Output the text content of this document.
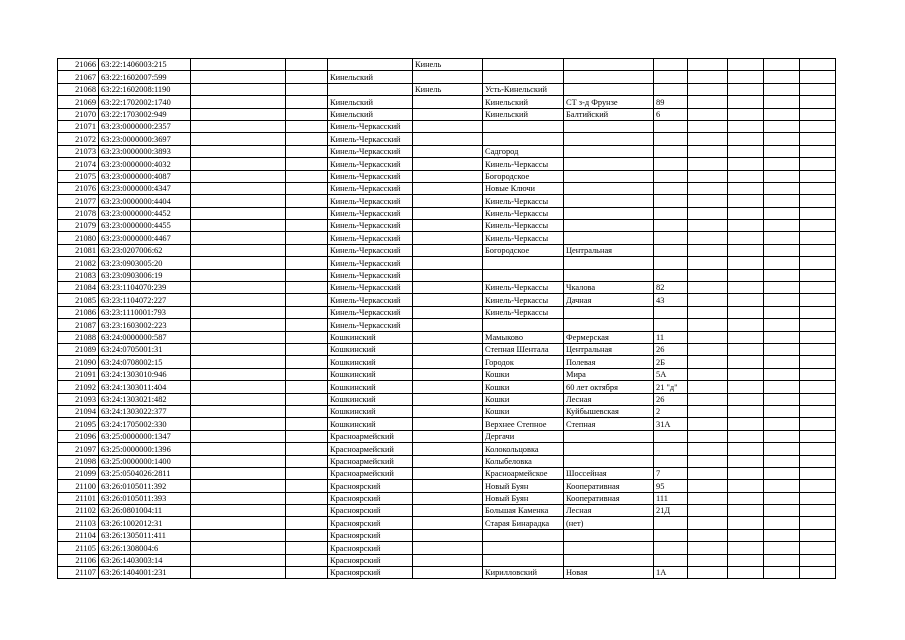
21066	63:22:1406003:215				Кинель							
21067	63:22:1602007:599			Кинельский								
21068	63:22:1602008:1190				Кинель	Усть-Кинельский						
21069	63:22:1702002:1740			Кинельский		Кинельский	СТ з-д Фрунзе	89				
21070	63:22:1703002:949			Кинельский		Кинельский	Балтийский	6				
21071	63:23:0000000:2357			Кинель-Черкасский								
21072	63:23:0000000:3697			Кинель-Черкасский								
21073	63:23:0000000:3893			Кинель-Черкасский		Садгород						
21074	63:23:0000000:4032			Кинель-Черкасский		Кинель-Черкассы						
21075	63:23:0000000:4087			Кинель-Черкасский		Богородское						
21076	63:23:0000000:4347			Кинель-Черкасский		Новые Ключи						
21077	63:23:0000000:4404			Кинель-Черкасский		Кинель-Черкассы						
21078	63:23:0000000:4452			Кинель-Черкасский		Кинель-Черкассы						
21079	63:23:0000000:4455			Кинель-Черкасский		Кинель-Черкассы						
21080	63:23:0000000:4467			Кинель-Черкасский		Кинель-Черкассы						
21081	63:23:0207006:62			Кинель-Черкасский		Богородское	Центральная					
21082	63:23:0903005:20			Кинель-Черкасский								
21083	63:23:0903006:19			Кинель-Черкасский								
21084	63:23:1104070:239			Кинель-Черкасский		Кинель-Черкассы	Чкалова	82				
21085	63:23:1104072:227			Кинель-Черкасский		Кинель-Черкассы	Дачная	43				
21086	63:23:1110001:793			Кинель-Черкасский		Кинель-Черкассы						
21087	63:23:1603002:223			Кинель-Черкасский								
21088	63:24:0000000:587			Кошкинский		Мамыково	Фермерская	11				
21089	63:24:0705001:31			Кошкинский		Степная Шентала	Центральная	26				
21090	63:24:0708002:15			Кошкинский		Городок	Полевая	2Б				
21091	63:24:1303010:946			Кошкинский		Кошки	Мира	5А				
21092	63:24:1303011:404			Кошкинский		Кошки	60 лет октября	21 "д"				
21093	63:24:1303021:482			Кошкинский		Кошки	Лесная	26				
21094	63:24:1303022:377			Кошкинский		Кошки	Куйбышевская	2				
21095	63:24:1705002:330			Кошкинский		Верхнее Степное	Степная	31А				
21096	63:25:0000000:1347			Красноармейский		Дергачи						
21097	63:25:0000000:1396			Красноармейский		Колокольцовка						
21098	63:25:0000000:1400			Красноармейский		Колыбеловка						
21099	63:25:0504026:2811			Красноармейский		Красноармейское	Шоссейная	7				
21100	63:26:0105011:392			Красноярский		Новый Буян	Кооперативная	95				
21101	63:26:0105011:393			Красноярский		Новый Буян	Кооперативная	111				
21102	63:26:0801004:11			Красноярский		Большая Каменка	Лесная	21Д				
21103	63:26:1002012:31			Красноярский		Старая Бинарадка	(нет)					
21104	63:26:1305011:411			Красноярский								
21105	63:26:1308004:6			Красноярский								
21106	63:26:1403003:14			Красноярский								
21107	63:26:1404001:231			Красноярский		Кирилловский	Новая	1А				
